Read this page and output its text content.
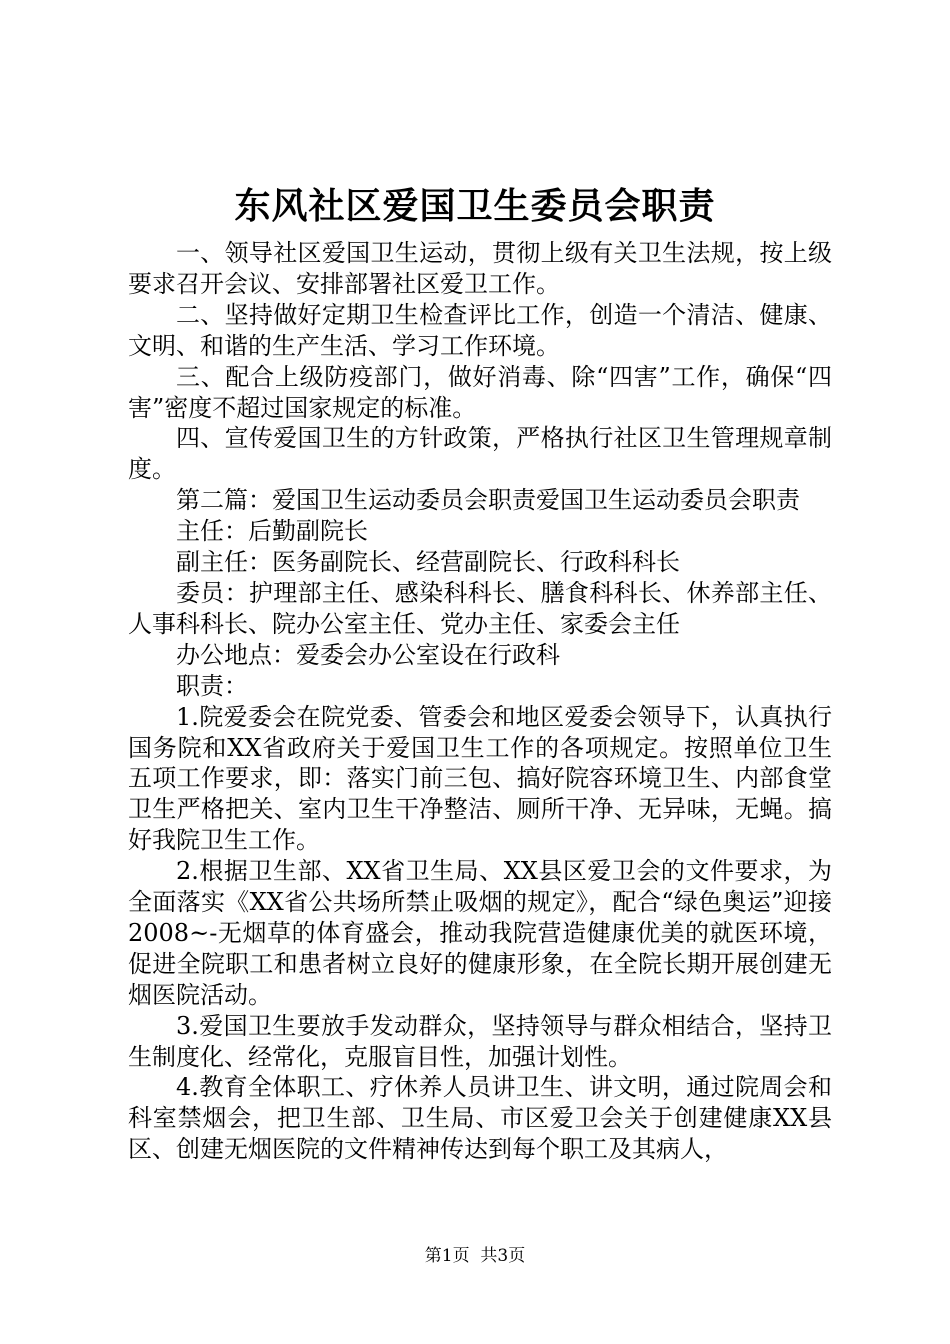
东风社区爱国卫生委员会职责

一、领导社区爱国卫生运动，贯彻上级有关卫生法规，按上级要求召开会议、安排部署社区爱卫工作。

二、坚持做好定期卫生检查评比工作，创造一个清洁、健康、文明、和谐的生产生活、学习工作环境。

三、配合上级防疫部门，做好消毒、除“四害”工作，确保“四害”密度不超过国家规定的标准。

四、宣传爱国卫生的方针政策，严格执行社区卫生管理规章制度。

第二篇：爱国卫生运动委员会职责爱国卫生运动委员会职责

主任：后勤副院长

副主任：医务副院长、经营副院长、行政科科长

委员：护理部主任、感染科科长、膳食科科长、休养部主任、人事科科长、院办公室主任、党办主任、家委会主任

办公地点：爱委会办公室设在行政科

职责：

1.院爱委会在院党委、管委会和地区爱委会领导下，认真执行国务院和XX省政府关于爱国卫生工作的各项规定。按照单位卫生五项工作要求，即：落实门前三包、搞好院容环境卫生、内部食堂卫生严格把关、室内卫生干净整洁、厕所干净、无异味，无蝇。搞好我院卫生工作。

2.根据卫生部、XX省卫生局、XX县区爱卫会的文件要求，为全面落实《XX省公共场所禁止吸烟的规定》，配合“绿色奥运”迎接2008~-无烟草的体育盛会，推动我院营造健康优美的就医环境，促进全院职工和患者树立良好的健康形象，在全院长期开展创建无烟医院活动。

3.爱国卫生要放手发动群众，坚持领导与群众相结合，坚持卫生制度化、经常化，克服盲目性，加强计划性。

4.教育全体职工、疗休养人员讲卫生、讲文明，通过院周会和科室禁烟会，把卫生部、卫生局、市区爱卫会关于创建健康XX县区、创建无烟医院的文件精神传达到每个职工及其病人，

第1页 共3页
